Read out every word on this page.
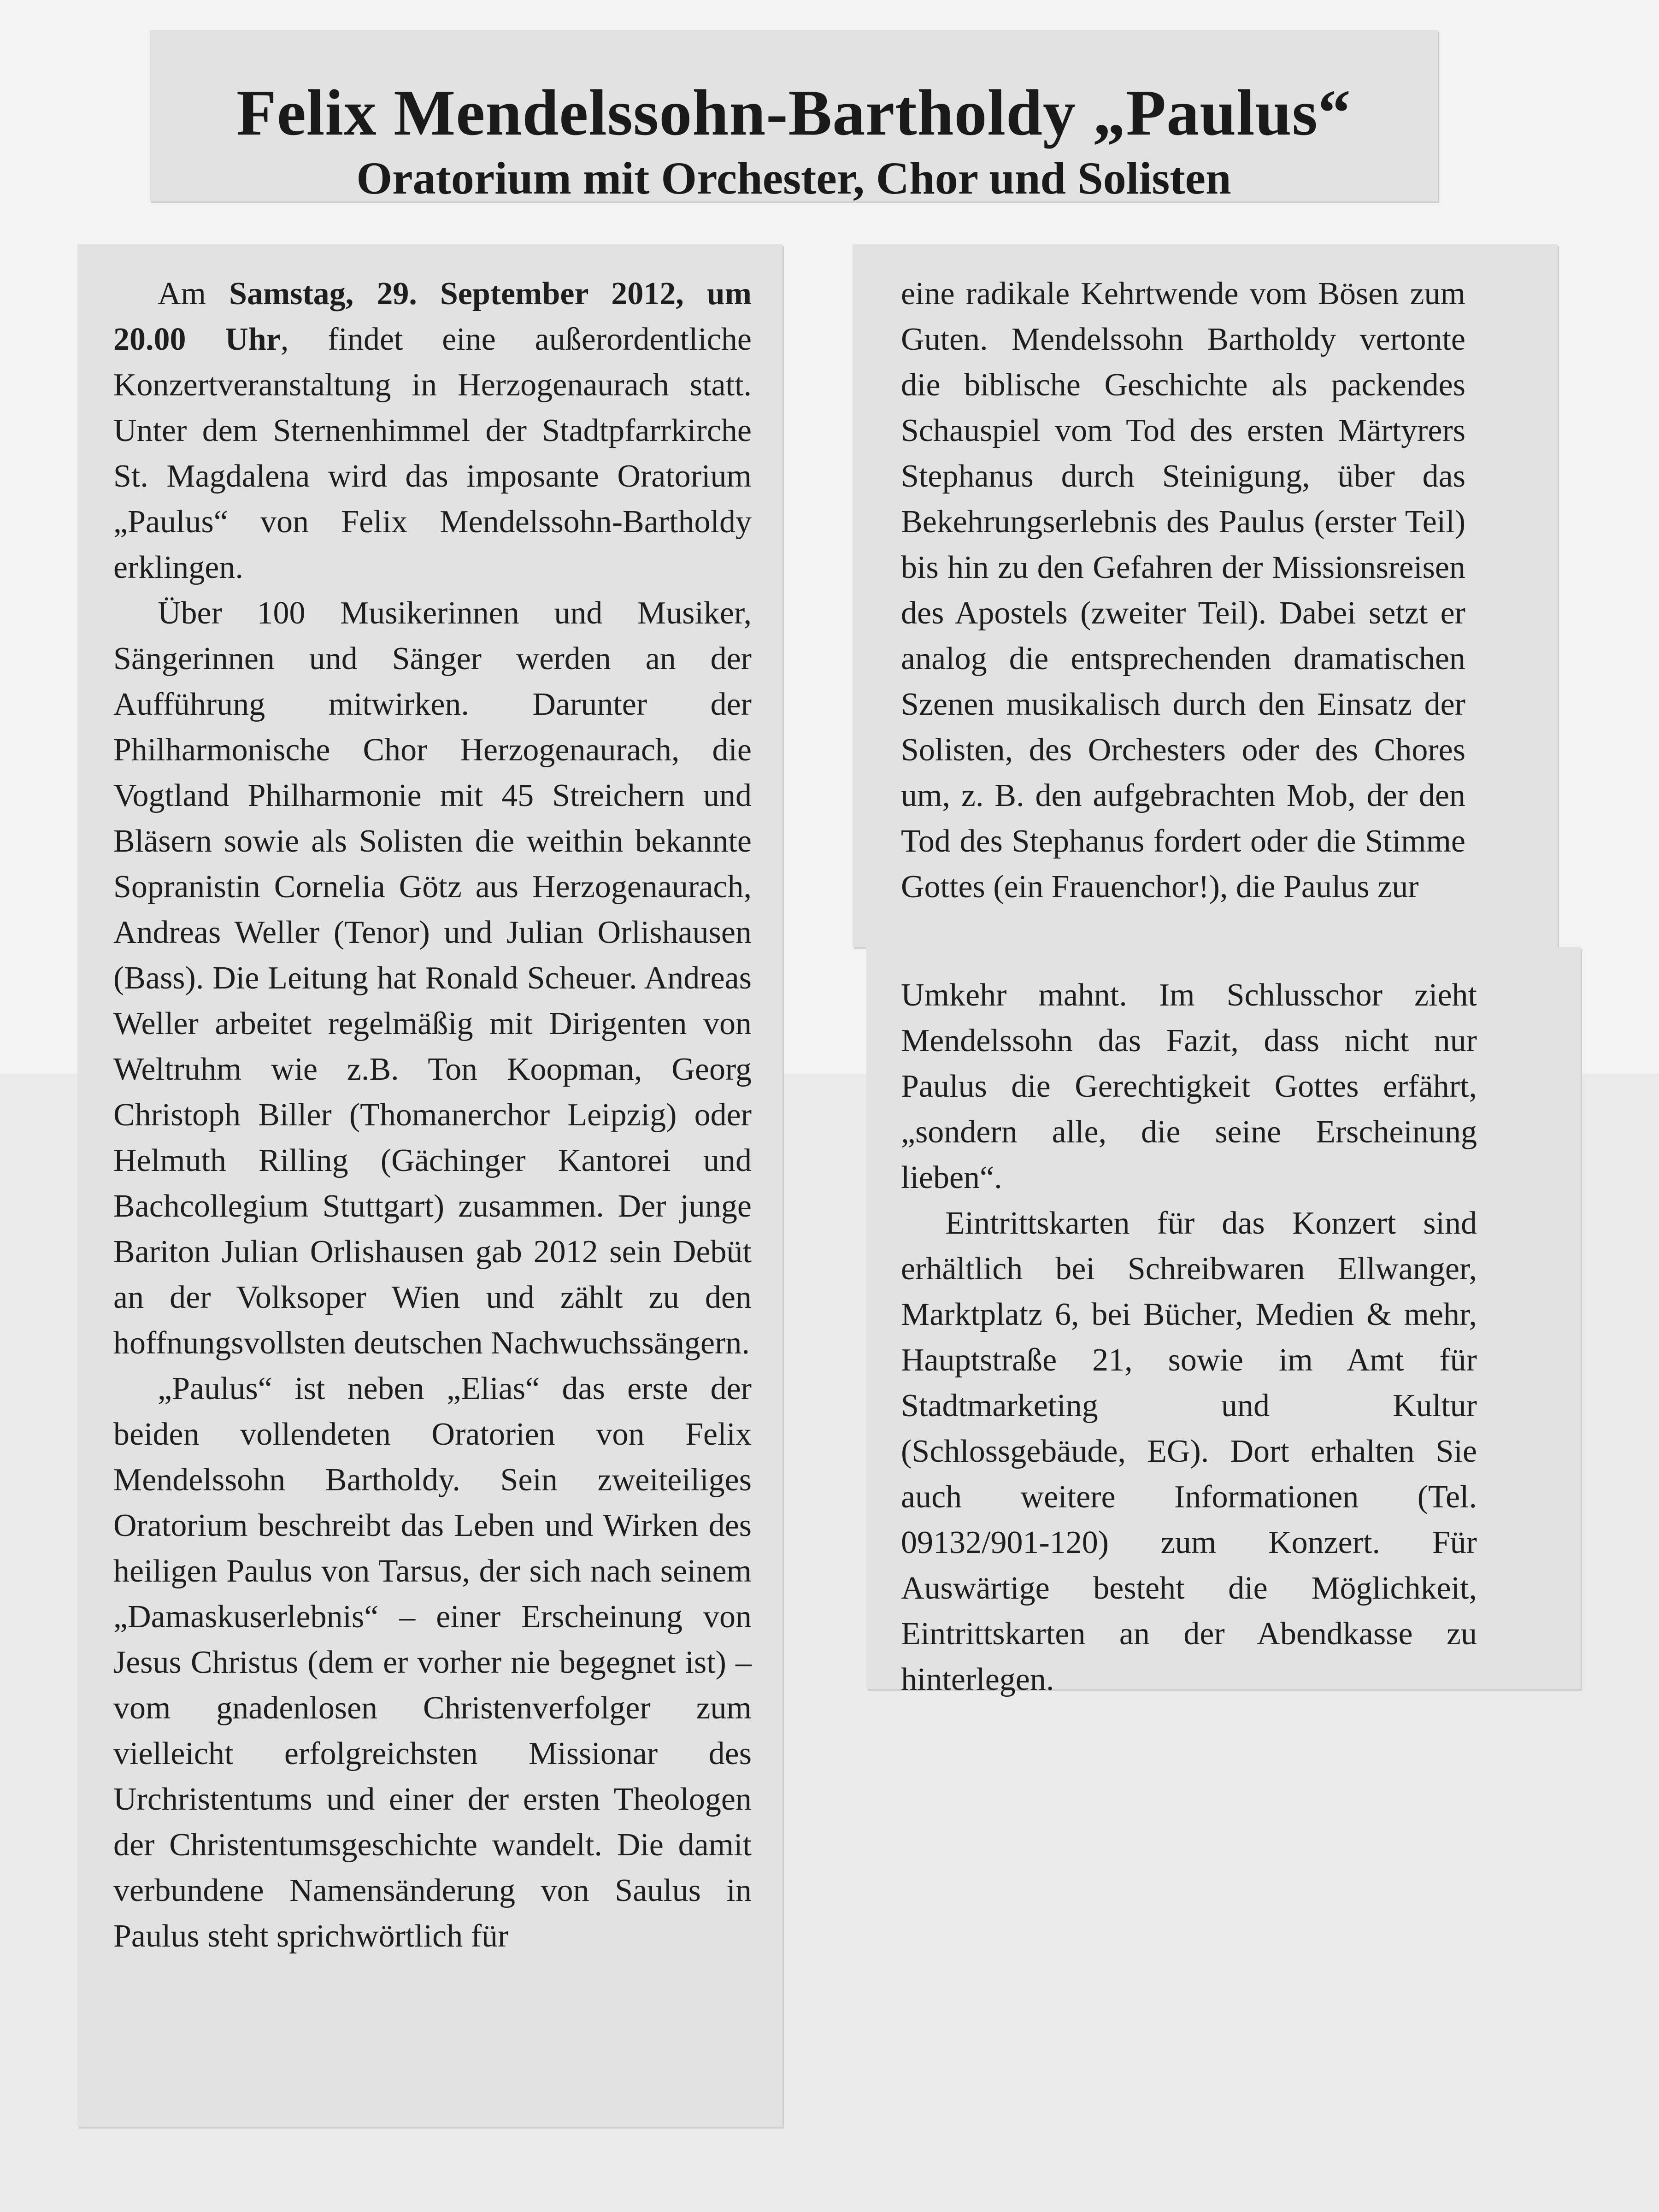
Felix Mendelssohn-Bartholdy „Paulus“
Oratorium mit Orchester, Chor und Solisten

Am Samstag, 29. September 2012, um 20.00 Uhr, findet eine außerordentliche Konzertveranstaltung in Herzogenaurach statt. Unter dem Sternenhimmel der Stadtpfarrkirche St. Magdalena wird das imposante Oratorium „Paulus“ von Felix Mendelssohn-Bartholdy erklingen.

Über 100 Musikerinnen und Musiker, Sängerinnen und Sänger werden an der Aufführung mitwirken. Darunter der Philharmonische Chor Herzogenaurach, die Vogtland Philharmonie mit 45 Streichern und Bläsern sowie als Solisten die weithin bekannte Sopranistin Cornelia Götz aus Herzogenaurach, Andreas Weller (Tenor) und Julian Orlishausen (Bass). Die Leitung hat Ronald Scheuer. Andreas Weller arbeitet regelmäßig mit Dirigenten von Weltruhm wie z.B. Ton Koopman, Georg Christoph Biller (Thomanerchor Leipzig) oder Helmuth Rilling (Gächinger Kantorei und Bachcollegium Stuttgart) zusammen. Der junge Bariton Julian Orlishausen gab 2012 sein Debüt an der Volksoper Wien und zählt zu den hoffnungsvollsten deutschen Nachwuchssängern.

„Paulus“ ist neben „Elias“ das erste der beiden vollendeten Oratorien von Felix Mendelssohn Bartholdy. Sein zweiteiliges Oratorium beschreibt das Leben und Wirken des heiligen Paulus von Tarsus, der sich nach seinem „Damaskuserlebnis“ – einer Erscheinung von Jesus Christus (dem er vorher nie begegnet ist) – vom gnadenlosen Christenverfolger zum vielleicht erfolgreichsten Missionar des Urchristentums und einer der ersten Theologen der Christentumsgeschichte wandelt. Die damit verbundene Namensänderung von Saulus in Paulus steht sprichwörtlich für

eine radikale Kehrtwende vom Bösen zum Guten. Mendelssohn Bartholdy vertonte die biblische Geschichte als packendes Schauspiel vom Tod des ersten Märtyrers Stephanus durch Steinigung, über das Bekehrungserlebnis des Paulus (erster Teil) bis hin zu den Gefahren der Missionsreisen des Apostels (zweiter Teil). Dabei setzt er analog die entsprechenden dramatischen Szenen musikalisch durch den Einsatz der Solisten, des Orchesters oder des Chores um, z. B. den aufgebrachten Mob, der den Tod des Stephanus fordert oder die Stimme Gottes (ein Frauenchor!), die Paulus zur

Umkehr mahnt. Im Schlusschor zieht Mendelssohn das Fazit, dass nicht nur Paulus die Gerechtigkeit Gottes erfährt, „sondern alle, die seine Erscheinung lieben“.

Eintrittskarten für das Konzert sind erhältlich bei Schreibwaren Ellwanger, Marktplatz 6, bei Bücher, Medien & mehr, Hauptstraße 21, sowie im Amt für Stadtmarketing und Kultur (Schlossgebäude, EG). Dort erhalten Sie auch weitere Informationen (Tel. 09132/901-120) zum Konzert. Für Auswärtige besteht die Möglichkeit, Eintrittskarten an der Abendkasse zu hinterlegen.
